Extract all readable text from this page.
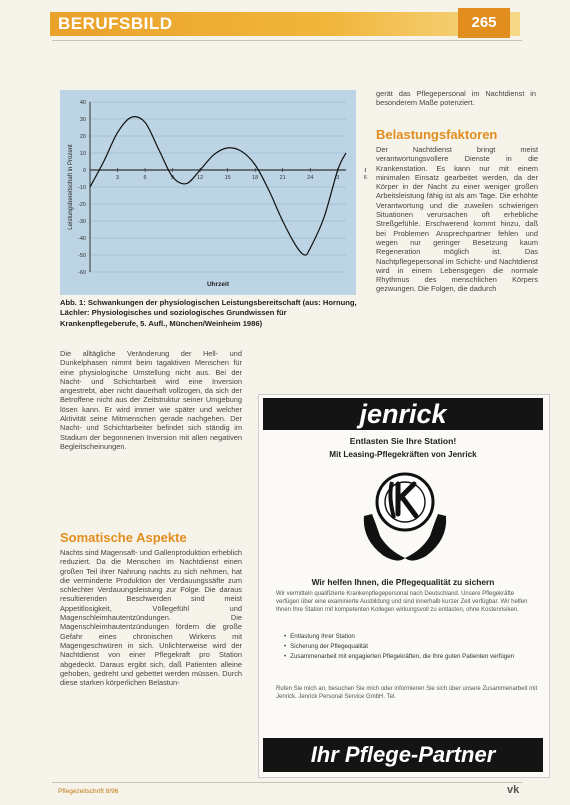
BERUFSBILD	265
40
30
20
10
0
-10
-20
-30
-40
-50
-60
3	6	9	12	15	18	21	24	3	6
Uhrzeit
Leistungsbereitschaft in Prozent
Abb. 1: Schwankungen der physiologischen Leistungsbereitschaft (aus: Hornung, Lächler: Physiologisches und soziologisches Grundwissen für Krankenpflegeberufe, 5. Aufl., München/Weinheim 1986)
gerät das Pflegepersonal im Nachtdienst in besonderem Maße potenziert.
Belastungsfaktoren
Der Nachtdienst bringt meist verantwortungsvollere Dienste in die Krankenstation. Es kann nur mit einem minimalen Einsatz gearbeitet werden, da der Körper in der Nacht zu einer weniger großen Arbeitsleistung fähig ist als am Tage. Die erhöhte Verantwortung und die zuweilen schwierigen Situationen verursachen oft erhebliche Streßgefühle. Erschwerend kommt hinzu, daß bei Problemen Ansprechpartner fehlen und wegen nur geringer Besetzung kaum Regeneration möglich ist. Das Nachtpflegepersonal im Schicht- und Nachtdienst wird in einem Lebensgegen die normale Rhythmus des menschlichen Körpers gezwungen. Die Folgen, die dadurch
Die alltägliche Veränderung der Hell- und Dunkelphasen nimmt beim tagaktiven Menschen für eine physiologische Umstellung nicht aus. Bei der Nacht- und Schichtarbeit wird eine Inversion angestrebt, aber nicht dauerhaft vollzogen, da sich der Betroffene nicht aus der Zeitstruktur seiner Umgebung lösen kann. Er wird immer wie später und welcher Aktivität seine Mitmenschen gerade nachgehen. Der Nacht- und Schichtarbeiter befindet sich ständig im Stadium der begonnenen Inversion mit allen negativen Begleitscheinungen.
Somatische Aspekte
Nachts sind Magensaft- und Gallenproduktion erheblich reduziert. Da die Menschen im Nachtdienst einen großen Teil ihrer Nahrung nachts zu sich nehmen, hat die verminderte Produktion der Verdauungssäfte zum schlechter Verdauungsleistung zur Folge. Die daraus resultierenden Beschwerden sind meist Appetitlosigkeit, Völlegefühl und Magenschleimhautentzündungen. Die Magenschleimhautentzündungen fördern die große Gefahr eines chronischen Wirkens mit Magengeschwüren in sich. Unlichterweise wird der Nachtdienst von einer Pflegekraft pro Station abgedeckt. Daraus ergibt sich, daß Patienten alleine gehoben, gedreht und gebettet werden müssen. Durch diese starken körperlichen Belastun-
jenrick
Entlasten Sie Ihre Station!
Mit Leasing-Pflegekräften von Jenrick
Wir helfen Ihnen, die Pflegequalität zu sichern
Wir vermitteln qualifizierte Krankenpflegepersonal nach Deutschland. Unsere Pflegekräfte verfügen über eine examinierte Ausbildung und sind innerhalb kurzer Zeit verfügbar. Wir helfen Ihnen Ihre Station mit kompetenten Kollegen wirkungsvoll zu entlasten, ohne Kostenrisiken.
• Entlastung Ihrer Station
• Sicherung der Pflegequalität
• Zusammenarbeit mit engagierten Pflegekräften, die Ihre guten Patienten verfügen
Rufen Sie mich an, besuchen Sie mich oder informieren Sie sich über unsere Zusammenarbeit mit Jenrick. Jenrick Personal Service GmbH. Tel.
Ihr Pflege-Partner
Pflegezeitschrift 8/96	vk
